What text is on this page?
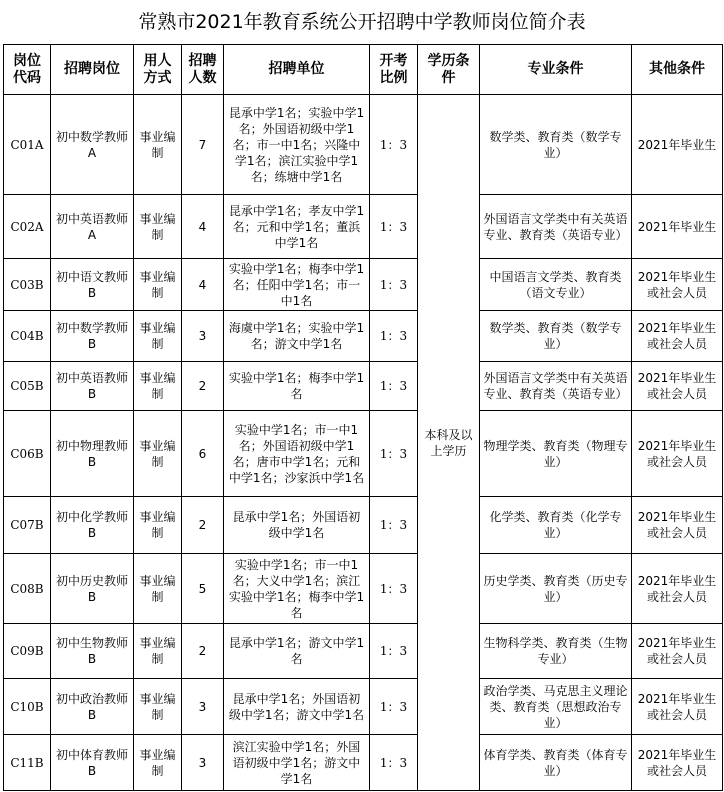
常熟市2021年教育系统公开招聘中学教师岗位简介表
岗位代码	招聘岗位	用人方式	招聘人数	招聘单位	开考比例	学历条件	专业条件	其他条件
C01A	初中数学教师A	事业编制	7	昆承中学1名；实验中学1名；外国语初级中学1名；市一中1名；兴隆中学1名；滨江实验中学1名；练塘中学1名	1：3	本科及以上学历	数学类、教育类（数学专业）	2021年毕业生
C02A	初中英语教师A	事业编制	4	昆承中学1名；孝友中学1名；元和中学1名；董浜中学1名	1：3		外国语言文学类中有关英语专业、教育类（英语专业）	2021年毕业生
C03B	初中语文教师B	事业编制	4	实验中学1名；梅李中学1名；任阳中学1名；市一中1名	1：3		中国语言文学类、教育类（语文专业）	2021年毕业生或社会人员
C04B	初中数学教师B	事业编制	3	海虞中学1名；实验中学1名；游文中学1名	1：3		数学类、教育类（数学专业）	2021年毕业生或社会人员
C05B	初中英语教师B	事业编制	2	实验中学1名；梅李中学1名	1：3		外国语言文学类中有关英语专业、教育类（英语专业）	2021年毕业生或社会人员
C06B	初中物理教师B	事业编制	6	实验中学1名；市一中1名；外国语初级中学1名；唐市中学1名；元和中学1名；沙家浜中学1名	1：3		物理学类、教育类（物理专业）	2021年毕业生或社会人员
C07B	初中化学教师B	事业编制	2	昆承中学1名；外国语初级中学1名	1：3		化学类、教育类（化学专业）	2021年毕业生或社会人员
C08B	初中历史教师B	事业编制	5	实验中学1名；市一中1名；大义中学1名；滨江实验中学1名；梅李中学1名	1：3		历史学类、教育类（历史专业）	2021年毕业生或社会人员
C09B	初中生物教师B	事业编制	2	昆承中学1名；游文中学1名	1：3		生物科学类、教育类（生物专业）	2021年毕业生或社会人员
C10B	初中政治教师B	事业编制	3	昆承中学1名；外国语初级中学1名；游文中学1名	1：3		政治学类、马克思主义理论类、教育类（思想政治专业）	2021年毕业生或社会人员
C11B	初中体育教师B	事业编制	3	滨江实验中学1名；外国语初级中学1名；游文中学1名	1：3		体育学类、教育类（体育专业）	2021年毕业生或社会人员
